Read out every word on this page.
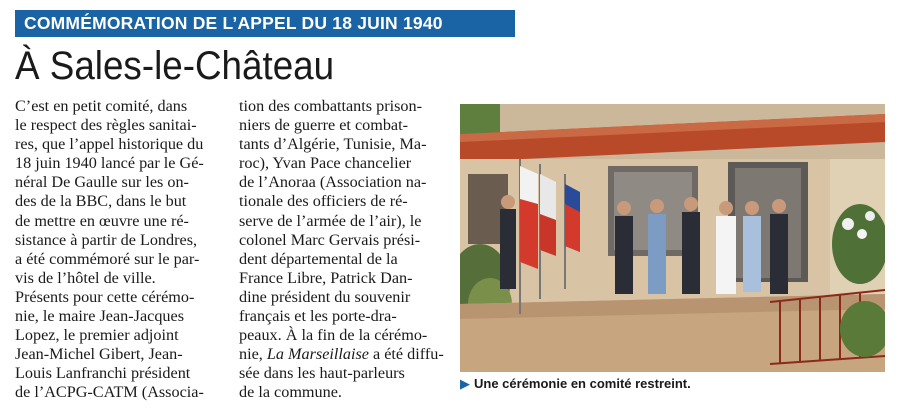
COMMÉMORATION DE L’APPEL DU 18 JUIN 1940
À Sales-le-Château

C’est en petit comité, dans

le respect des règles sanitai-

res, que l’appel historique du

18 juin 1940 lancé par le Gé-

néral De Gaulle sur les on-

des de la BBC, dans le but

de mettre en œuvre une ré-

sistance à partir de Londres,

a été commémoré sur le par-

vis de l’hôtel de ville.

Présents pour cette cérémo-

nie, le maire Jean-Jacques

Lopez, le premier adjoint

Jean-Michel Gibert, Jean-

Louis Lanfranchi président

de l’ACPG-CATM (Associa-

tion des combattants prison-

niers de guerre et combat-

tants d’Algérie, Tunisie, Ma-

roc), Yvan Pace chancelier

de l’Anoraa (Association na-

tionale des officiers de ré-

serve de l’armée de l’air), le

colonel Marc Gervais prési-

dent départemental de la

France Libre, Patrick Dan-

dine président du souvenir

français et les porte-dra-

peaux. À la fin de la cérémo-

nie, La Marseillaise a été diffu-

sée dans les haut-parleurs

de la commune.	▶ Une cérémonie en comité restreint.
